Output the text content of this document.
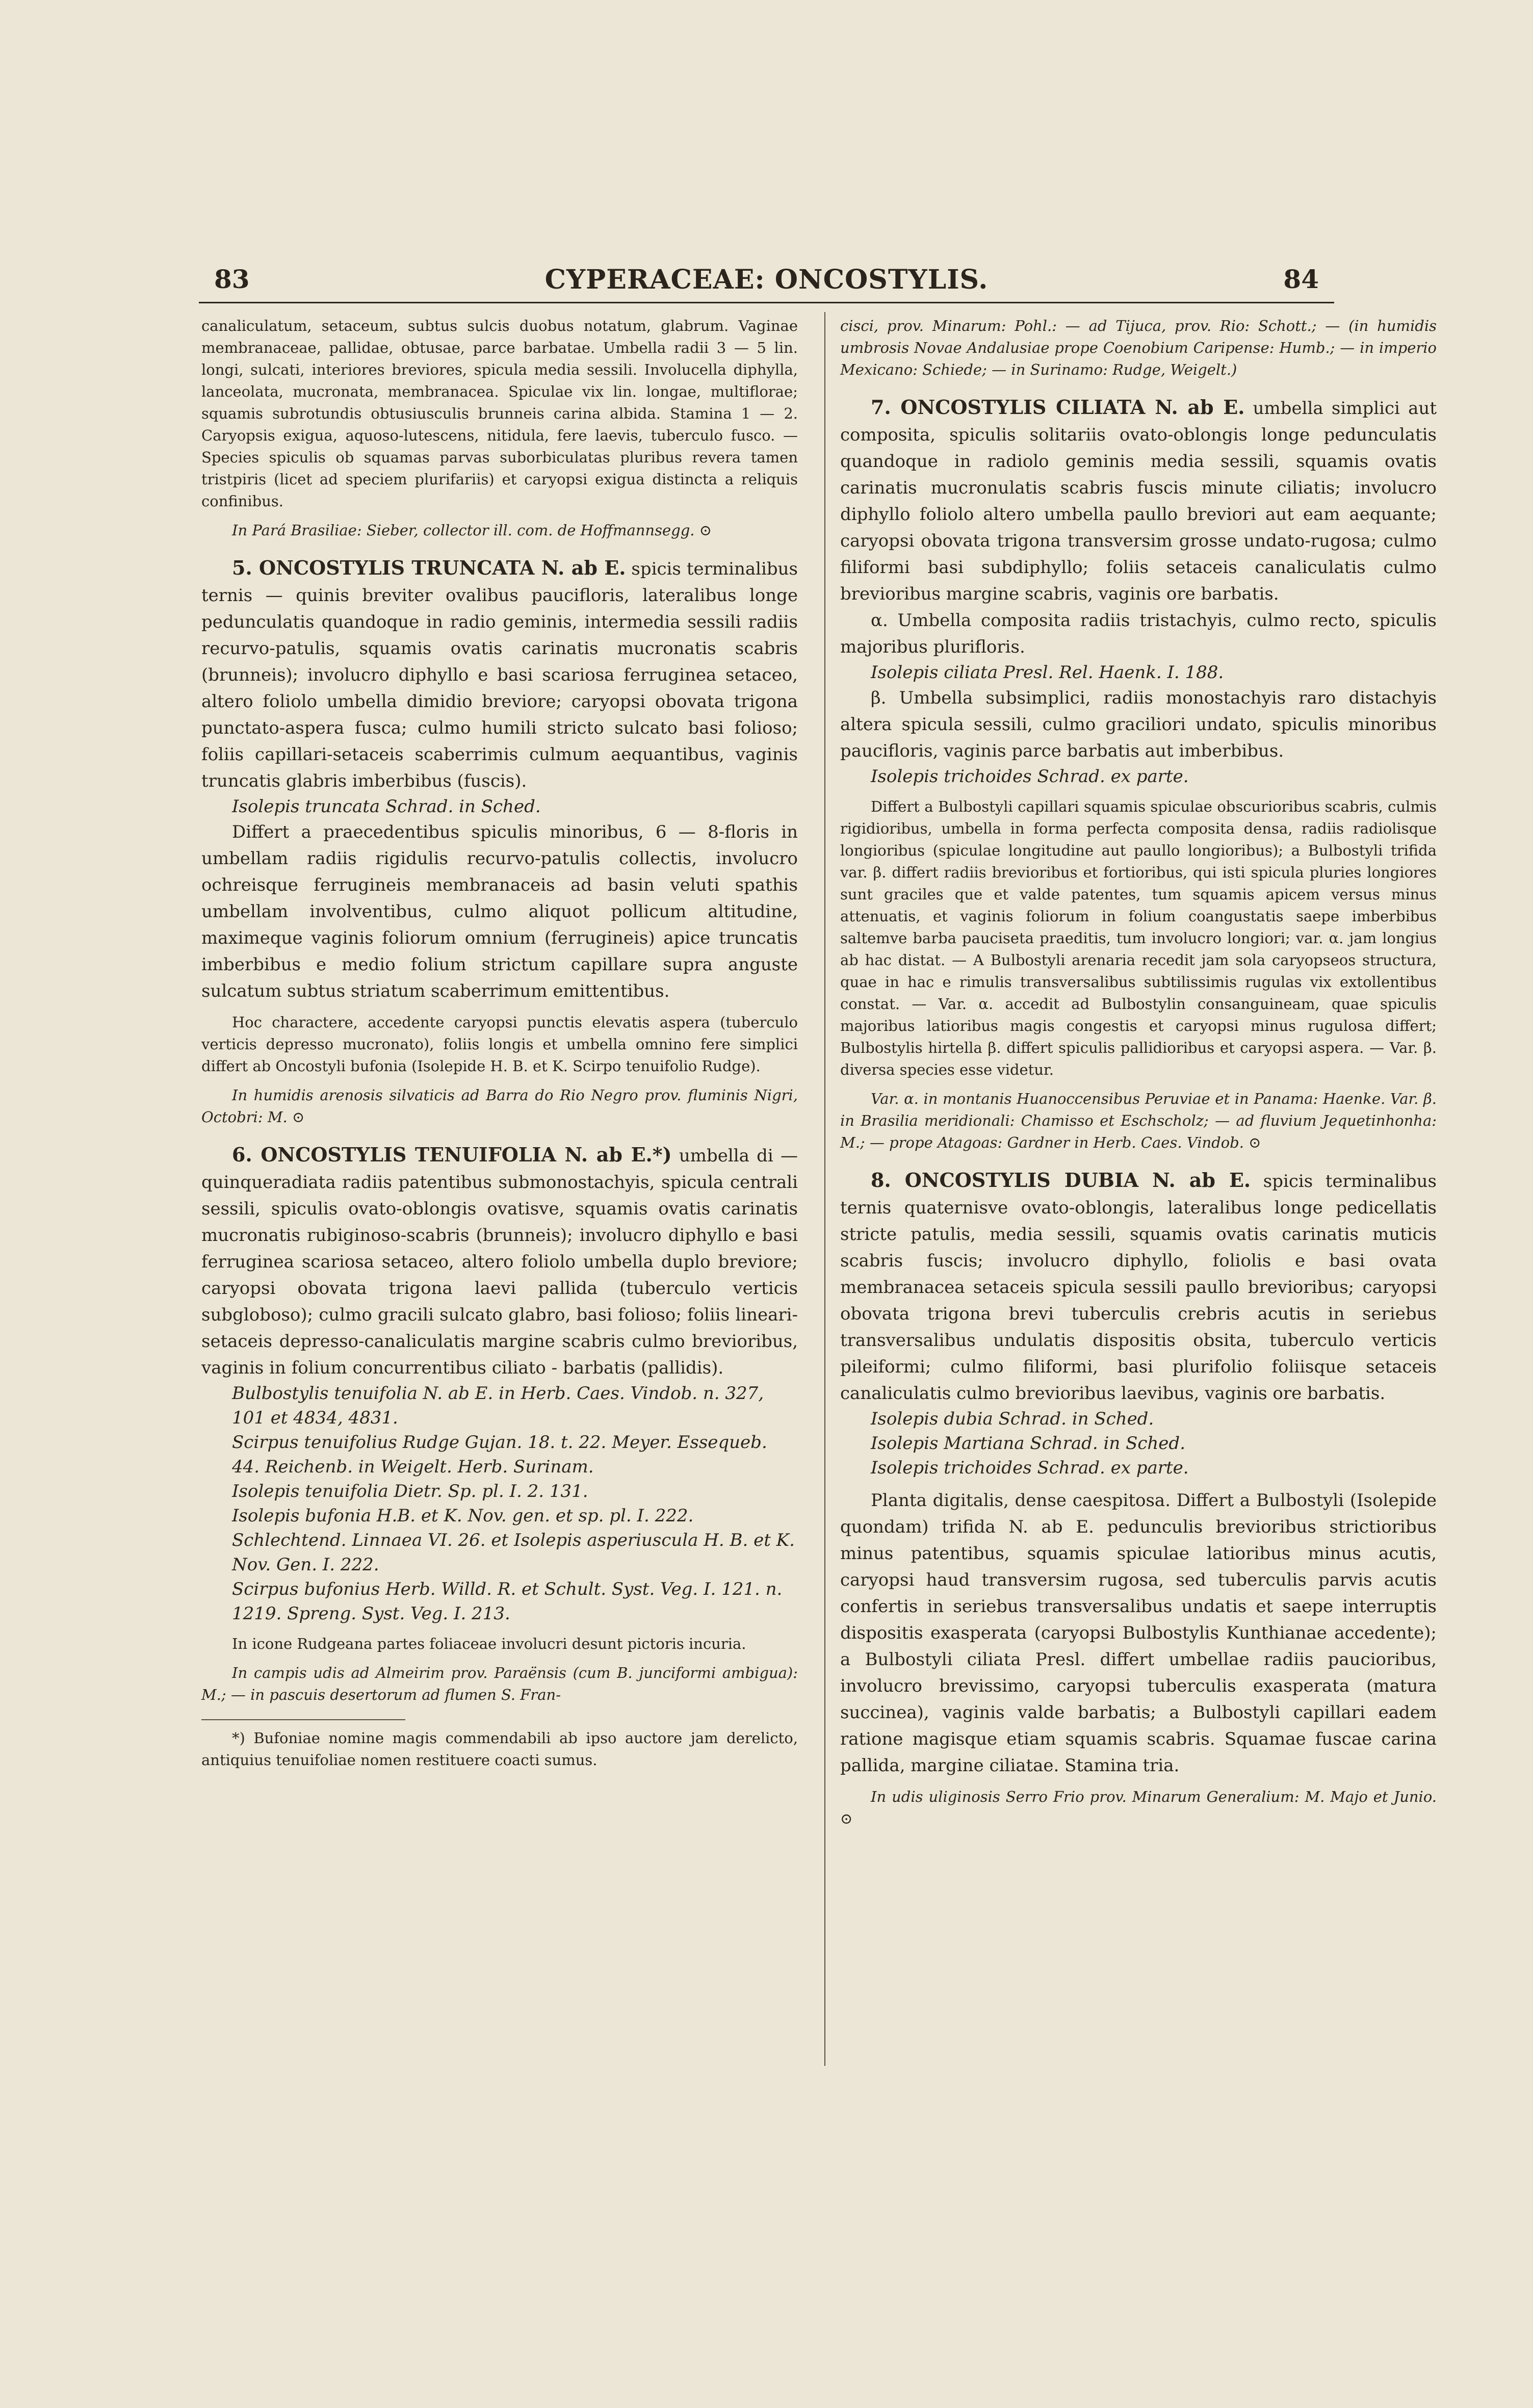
83	CYPERACEAE: ONCOSTYLIS.	84

canaliculatum, setaceum, subtus sulcis duobus notatum, glabrum. Vaginae membranaceae, pallidae, obtusae, parce barbatae. Umbella radii 3 — 5 lin. longi, sulcati, interiores breviores, spicula media sessili. Involucella diphylla, lanceolata, mucronata, membranacea. Spiculae vix lin. longae, multiflorae; squamis subrotundis obtusiusculis brunneis carina albida. Stamina 1 — 2. Caryopsis exigua, aquoso-lutescens, nitidula, fere laevis, tuberculo fusco. — Species spiculis ob squamas parvas suborbiculatas pluribus revera tamen tristpiris (licet ad speciem plurifariis) et caryopsi exigua distincta a reliquis confinibus.

In Pará Brasiliae: Sieber, collector ill. com. de Hoffmannsegg. ⊙

5. ONCOSTYLIS TRUNCATA N. ab E. spicis terminalibus ternis — quinis breviter ovalibus paucifloris, lateralibus longe pedunculatis quandoque in radio geminis, intermedia sessili radiis recurvo-patulis, squamis ovatis carinatis mucronatis scabris (brunneis); involucro diphyllo e basi scariosa ferruginea setaceo, altero foliolo umbella dimidio breviore; caryopsi obovata trigona punctato-aspera fusca; culmo humili stricto sulcato basi folioso; foliis capillari-setaceis scaberrimis culmum aequantibus, vaginis truncatis glabris imberbibus (fuscis).

Isolepis truncata Schrad. in Sched.

Differt a praecedentibus spiculis minoribus, 6 — 8-floris in umbellam radiis rigidulis recurvo-patulis collectis, involucro ochreisque ferrugineis membranaceis ad basin veluti spathis umbellam involventibus, culmo aliquot pollicum altitudine, maximeque vaginis foliorum omnium (ferrugineis) apice truncatis imberbibus e medio folium strictum capillare supra anguste sulcatum subtus striatum scaberrimum emittentibus.

Hoc charactere, accedente caryopsi punctis elevatis aspera (tuberculo verticis depresso mucronato), foliis longis et umbella omnino fere simplici differt ab Oncostyli bufonia (Isolepide H. B. et K. Scirpo tenuifolio Rudge).

In humidis arenosis silvaticis ad Barra do Rio Negro prov. fluminis Nigri, Octobri: M. ⊙

6. ONCOSTYLIS TENUIFOLIA N. ab E.*) umbella di — quinqueradiata radiis patentibus submonostachyis, spicula centrali sessili, spiculis ovato-oblongis ovatisve, squamis ovatis carinatis mucronatis rubiginoso-scabris (brunneis); involucro diphyllo e basi ferruginea scariosa setaceo, altero foliolo umbella duplo breviore; caryopsi obovata trigona laevi pallida (tuberculo verticis subgloboso); culmo gracili sulcato glabro, basi folioso; foliis lineari-setaceis depresso-canaliculatis margine scabris culmo brevioribus, vaginis in folium concurrentibus ciliato - barbatis (pallidis).

Bulbostylis tenuifolia N. ab E. in Herb. Caes. Vindob. n. 327, 101 et 4834, 4831.

Scirpus tenuifolius Rudge Gujan. 18. t. 22. Meyer. Essequeb. 44. Reichenb. in Weigelt. Herb. Surinam.

Isolepis tenuifolia Dietr. Sp. pl. I. 2. 131.

Isolepis bufonia H.B. et K. Nov. gen. et sp. pl. I. 222. Schlechtend. Linnaea VI. 26. et Isolepis asperiuscula H. B. et K. Nov. Gen. I. 222.

Scirpus bufonius Herb. Willd. R. et Schult. Syst. Veg. I. 121. n. 1219. Spreng. Syst. Veg. I. 213.

In icone Rudgeana partes foliaceae involucri desunt pictoris incuria.

In campis udis ad Almeirim prov. Paraënsis (cum B. junciformi ambigua): M.; — in pascuis desertorum ad flumen S. Fran-

*) Bufoniae nomine magis commendabili ab ipso auctore jam derelicto, antiquius tenuifoliae nomen restituere coacti sumus.

cisci, prov. Minarum: Pohl.: — ad Tijuca, prov. Rio: Schott.; — (in humidis umbrosis Novae Andalusiae prope Coenobium Caripense: Humb.; — in imperio Mexicano: Schiede; — in Surinamo: Rudge, Weigelt.)

7. ONCOSTYLIS CILIATA N. ab E. umbella simplici aut composita, spiculis solitariis ovato-oblongis longe pedunculatis quandoque in radiolo geminis media sessili, squamis ovatis carinatis mucronulatis scabris fuscis minute ciliatis; involucro diphyllo foliolo altero umbella paullo breviori aut eam aequante; caryopsi obovata trigona transversim grosse undato-rugosa; culmo filiformi basi subdiphyllo; foliis setaceis canaliculatis culmo brevioribus margine scabris, vaginis ore barbatis.

α. Umbella composita radiis tristachyis, culmo recto, spiculis majoribus plurifloris.

Isolepis ciliata Presl. Rel. Haenk. I. 188.

β. Umbella subsimplici, radiis monostachyis raro distachyis altera spicula sessili, culmo graciliori undato, spiculis minoribus paucifloris, vaginis parce barbatis aut imberbibus.

Isolepis trichoides Schrad. ex parte.

Differt a Bulbostyli capillari squamis spiculae obscurioribus scabris, culmis rigidioribus, umbella in forma perfecta composita densa, radiis radiolisque longioribus (spiculae longitudine aut paullo longioribus); a Bulbostyli trifida var. β. differt radiis brevioribus et fortioribus, qui isti spicula pluries longiores sunt graciles que et valde patentes, tum squamis apicem versus minus attenuatis, et vaginis foliorum in folium coangustatis saepe imberbibus saltemve barba pauciseta praeditis, tum involucro longiori; var. α. jam longius ab hac distat. — A Bulbostyli arenaria recedit jam sola caryopseos structura, quae in hac e rimulis transversalibus subtilissimis rugulas vix extollentibus constat. — Var. α. accedit ad Bulbostylin consanguineam, quae spiculis majoribus latioribus magis congestis et caryopsi minus rugulosa differt; Bulbostylis hirtella β. differt spiculis pallidioribus et caryopsi aspera. — Var. β. diversa species esse videtur.

Var. α. in montanis Huanoccensibus Peruviae et in Panama: Haenke. Var. β. in Brasilia meridionali: Chamisso et Eschscholz; — ad fluvium Jequetinhonha: M.; — prope Atagoas: Gardner in Herb. Caes. Vindob. ⊙

8. ONCOSTYLIS DUBIA N. ab E. spicis terminalibus ternis quaternisve ovato-oblongis, lateralibus longe pedicellatis stricte patulis, media sessili, squamis ovatis carinatis muticis scabris fuscis; involucro diphyllo, foliolis e basi ovata membranacea setaceis spicula sessili paullo brevioribus; caryopsi obovata trigona brevi tuberculis crebris acutis in seriebus transversalibus undulatis dispositis obsita, tuberculo verticis pileiformi; culmo filiformi, basi plurifolio foliisque setaceis canaliculatis culmo brevioribus laevibus, vaginis ore barbatis.

Isolepis dubia Schrad. in Sched.

Isolepis Martiana Schrad. in Sched.

Isolepis trichoides Schrad. ex parte.

Planta digitalis, dense caespitosa. Differt a Bulbostyli (Isolepide quondam) trifida N. ab E. pedunculis brevioribus strictioribus minus patentibus, squamis spiculae latioribus minus acutis, caryopsi haud transversim rugosa, sed tuberculis parvis acutis confertis in seriebus transversalibus undatis et saepe interruptis dispositis exasperata (caryopsi Bulbostylis Kunthianae accedente); a Bulbostyli ciliata Presl. differt umbellae radiis paucioribus, involucro brevissimo, caryopsi tuberculis exasperata (matura succinea), vaginis valde barbatis; a Bulbostyli capillari eadem ratione magisque etiam squamis scabris. Squamae fuscae carina pallida, margine ciliatae. Stamina tria.

In udis uliginosis Serro Frio prov. Minarum Generalium: M. Majo et Junio. ⊙
